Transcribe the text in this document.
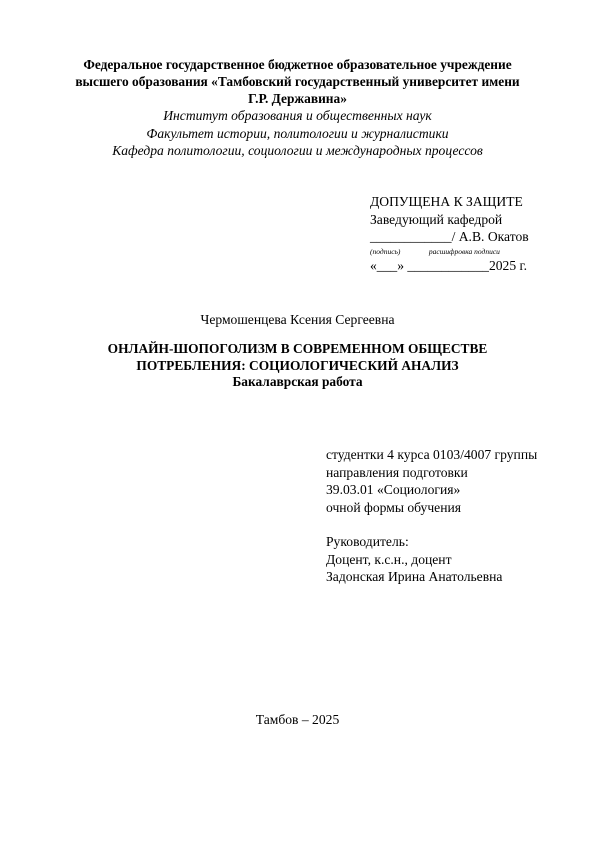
Федеральное государственное бюджетное образовательное учреждение
высшего образования «Тамбовский государственный университет имени
Г.Р. Державина»
Институт образования и общественных наук
Факультет истории, политологии и журналистики
Кафедра политологии, социологии и международных процессов
ДОПУЩЕНА К ЗАЩИТЕ
Заведующий кафедрой
____________/ А.В. Окатов
(подпись)	расшифровка подписи
«___» ____________2025 г.
Чермошенцева Ксения Сергеевна
ОНЛАЙН-ШОПОГОЛИЗМ В СОВРЕМЕННОМ ОБЩЕСТВЕ
ПОТРЕБЛЕНИЯ: СОЦИОЛОГИЧЕСКИЙ АНАЛИЗ
Бакалаврская работа
студентки 4 курса 0103/4007 группы
направления подготовки
39.03.01 «Социология»
очной формы обучения
Руководитель:
Доцент, к.с.н., доцент
Задонская Ирина Анатольевна
Тамбов – 2025
